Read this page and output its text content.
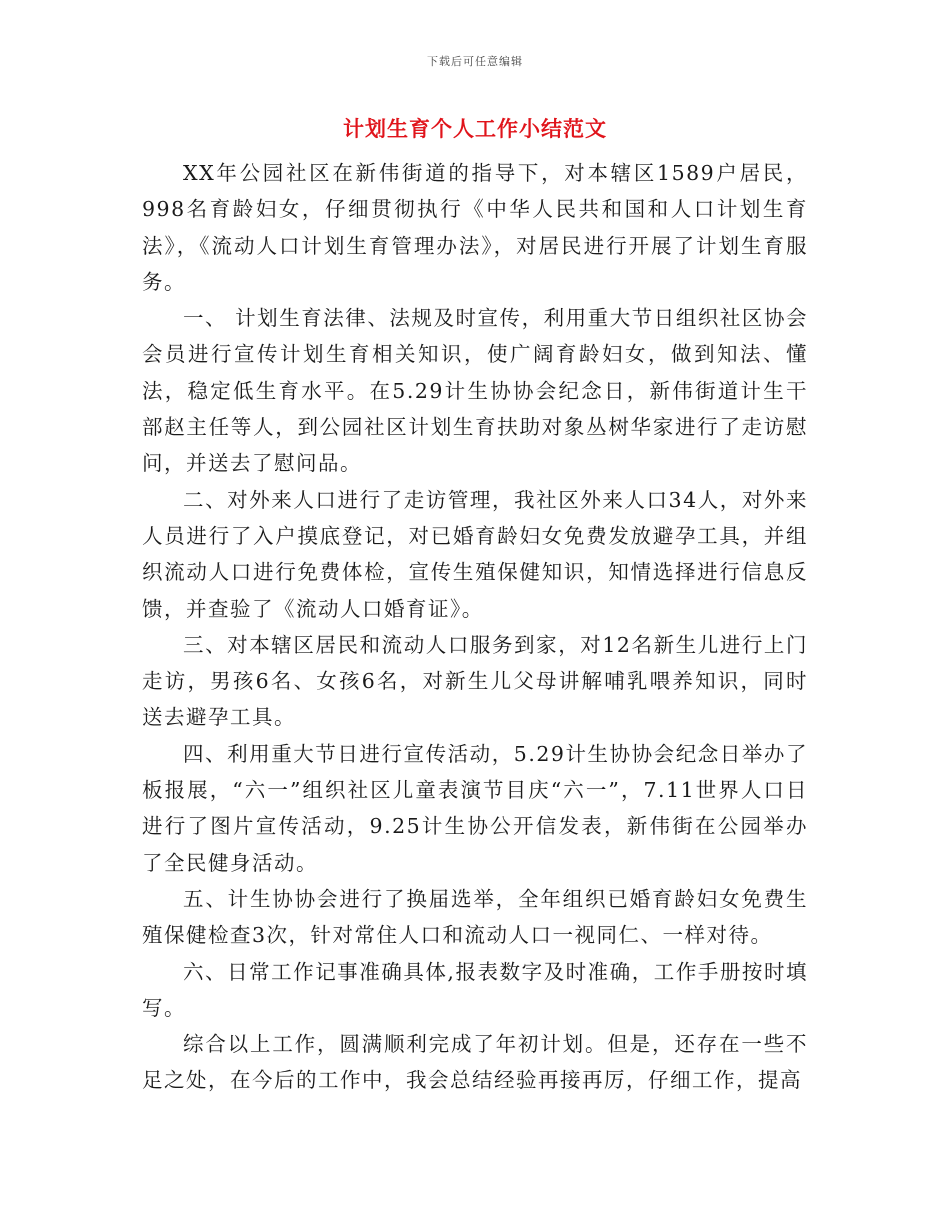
下载后可任意编辑
计划生育个人工作小结范文

XX年公园社区在新伟街道的指导下，对本辖区1589户居民，998名育龄妇女，仔细贯彻执行《中华人民共和国和人口计划生育法》，《流动人口计划生育管理办法》，对居民进行开展了计划生育服务。

一、 计划生育法律、法规及时宣传，利用重大节日组织社区协会会员进行宣传计划生育相关知识，使广阔育龄妇女，做到知法、懂法，稳定低生育水平。在5.29计生协协会纪念日，新伟街道计生干部赵主任等人，到公园社区计划生育扶助对象丛树华家进行了走访慰问，并送去了慰问品。

二、对外来人口进行了走访管理，我社区外来人口34人，对外来人员进行了入户摸底登记，对已婚育龄妇女免费发放避孕工具，并组织流动人口进行免费体检，宣传生殖保健知识，知情选择进行信息反馈，并查验了《流动人口婚育证》。

三、对本辖区居民和流动人口服务到家，对12名新生儿进行上门走访，男孩6名、女孩6名，对新生儿父母讲解哺乳喂养知识，同时送去避孕工具。

四、利用重大节日进行宣传活动，5.29计生协协会纪念日举办了板报展，“六一”组织社区儿童表演节目庆“六一”，7.11世界人口日进行了图片宣传活动，9.25计生协公开信发表，新伟街在公园举办了全民健身活动。

五、计生协协会进行了换届选举，全年组织已婚育龄妇女免费生殖保健检查3次，针对常住人口和流动人口一视同仁、一样对待。

六、日常工作记事准确具体,报表数字及时准确，工作手册按时填写。

综合以上工作，圆满顺利完成了年初计划。但是，还存在一些不足之处，在今后的工作中，我会总结经验再接再厉，仔细工作，提高
